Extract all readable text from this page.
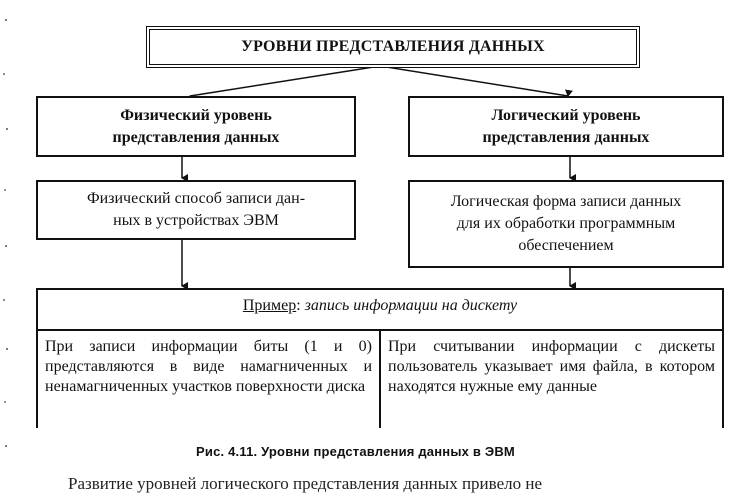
УРОВНИ ПРЕДСТАВЛЕНИЯ ДАННЫХ
Физический уровень
представления данных
Логический уровень
представления данных
Физический способ записи дан-
ных в устройствах ЭВМ
Логическая форма записи данных
для их обработки программным
обеспечением
Пример: запись информации на дискету
При записи информации биты (1 и 0) представляются в виде намагниченных и ненамагниченных участков поверхности диска
При считывании информации с дискеты пользователь указывает имя файла, в котором находятся нужные ему данные
Рис. 4.11. Уровни представления данных в ЭВМ
Развитие уровней логического представления данных привело не
